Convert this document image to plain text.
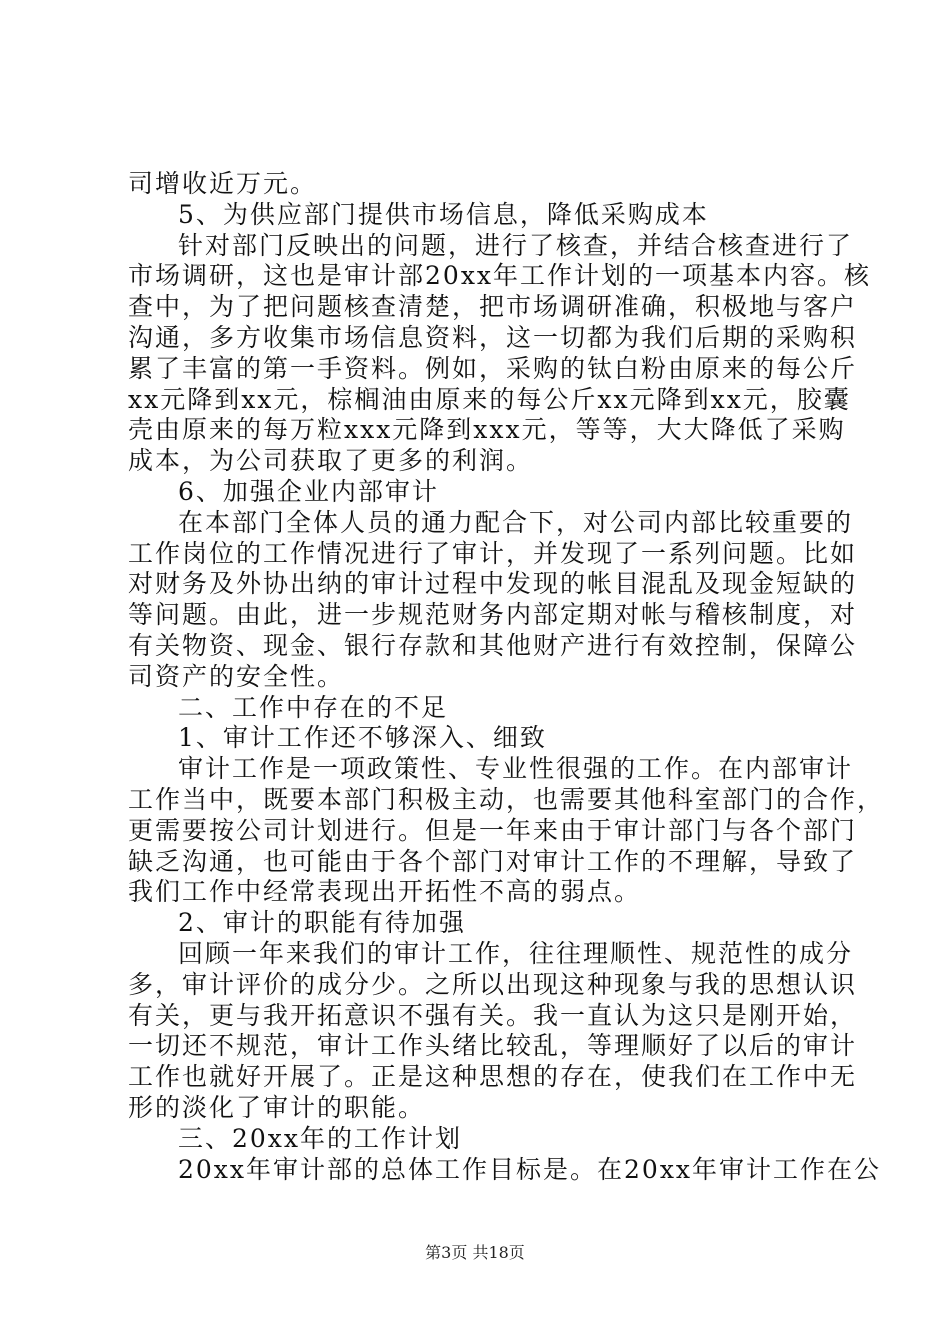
司增收近万元。
5、为供应部门提供市场信息，降低采购成本
针对部门反映出的问题，进行了核查，并结合核查进行了
市场调研，这也是审计部20xx年工作计划的一项基本内容。核
查中，为了把问题核查清楚，把市场调研准确，积极地与客户
沟通，多方收集市场信息资料，这一切都为我们后期的采购积
累了丰富的第一手资料。例如，采购的钛白粉由原来的每公斤
xx元降到xx元，棕榈油由原来的每公斤xx元降到xx元，胶囊
壳由原来的每万粒xxx元降到xxx元，等等，大大降低了采购
成本，为公司获取了更多的利润。
6、加强企业内部审计
在本部门全体人员的通力配合下，对公司内部比较重要的
工作岗位的工作情况进行了审计，并发现了一系列问题。比如
对财务及外协出纳的审计过程中发现的帐目混乱及现金短缺的
等问题。由此，进一步规范财务内部定期对帐与稽核制度，对
有关物资、现金、银行存款和其他财产进行有效控制，保障公
司资产的安全性。
二、工作中存在的不足
1、审计工作还不够深入、细致
审计工作是一项政策性、专业性很强的工作。在内部审计
工作当中，既要本部门积极主动，也需要其他科室部门的合作，
更需要按公司计划进行。但是一年来由于审计部门与各个部门
缺乏沟通，也可能由于各个部门对审计工作的不理解，导致了
我们工作中经常表现出开拓性不高的弱点。
2、审计的职能有待加强
回顾一年来我们的审计工作，往往理顺性、规范性的成分
多，审计评价的成分少。之所以出现这种现象与我的思想认识
有关，更与我开拓意识不强有关。我一直认为这只是刚开始，
一切还不规范，审计工作头绪比较乱，等理顺好了以后的审计
工作也就好开展了。正是这种思想的存在，使我们在工作中无
形的淡化了审计的职能。
三、20xx年的工作计划
第3页 共18页
20xx年审计部的总体工作目标是。在20xx年审计工作在公
